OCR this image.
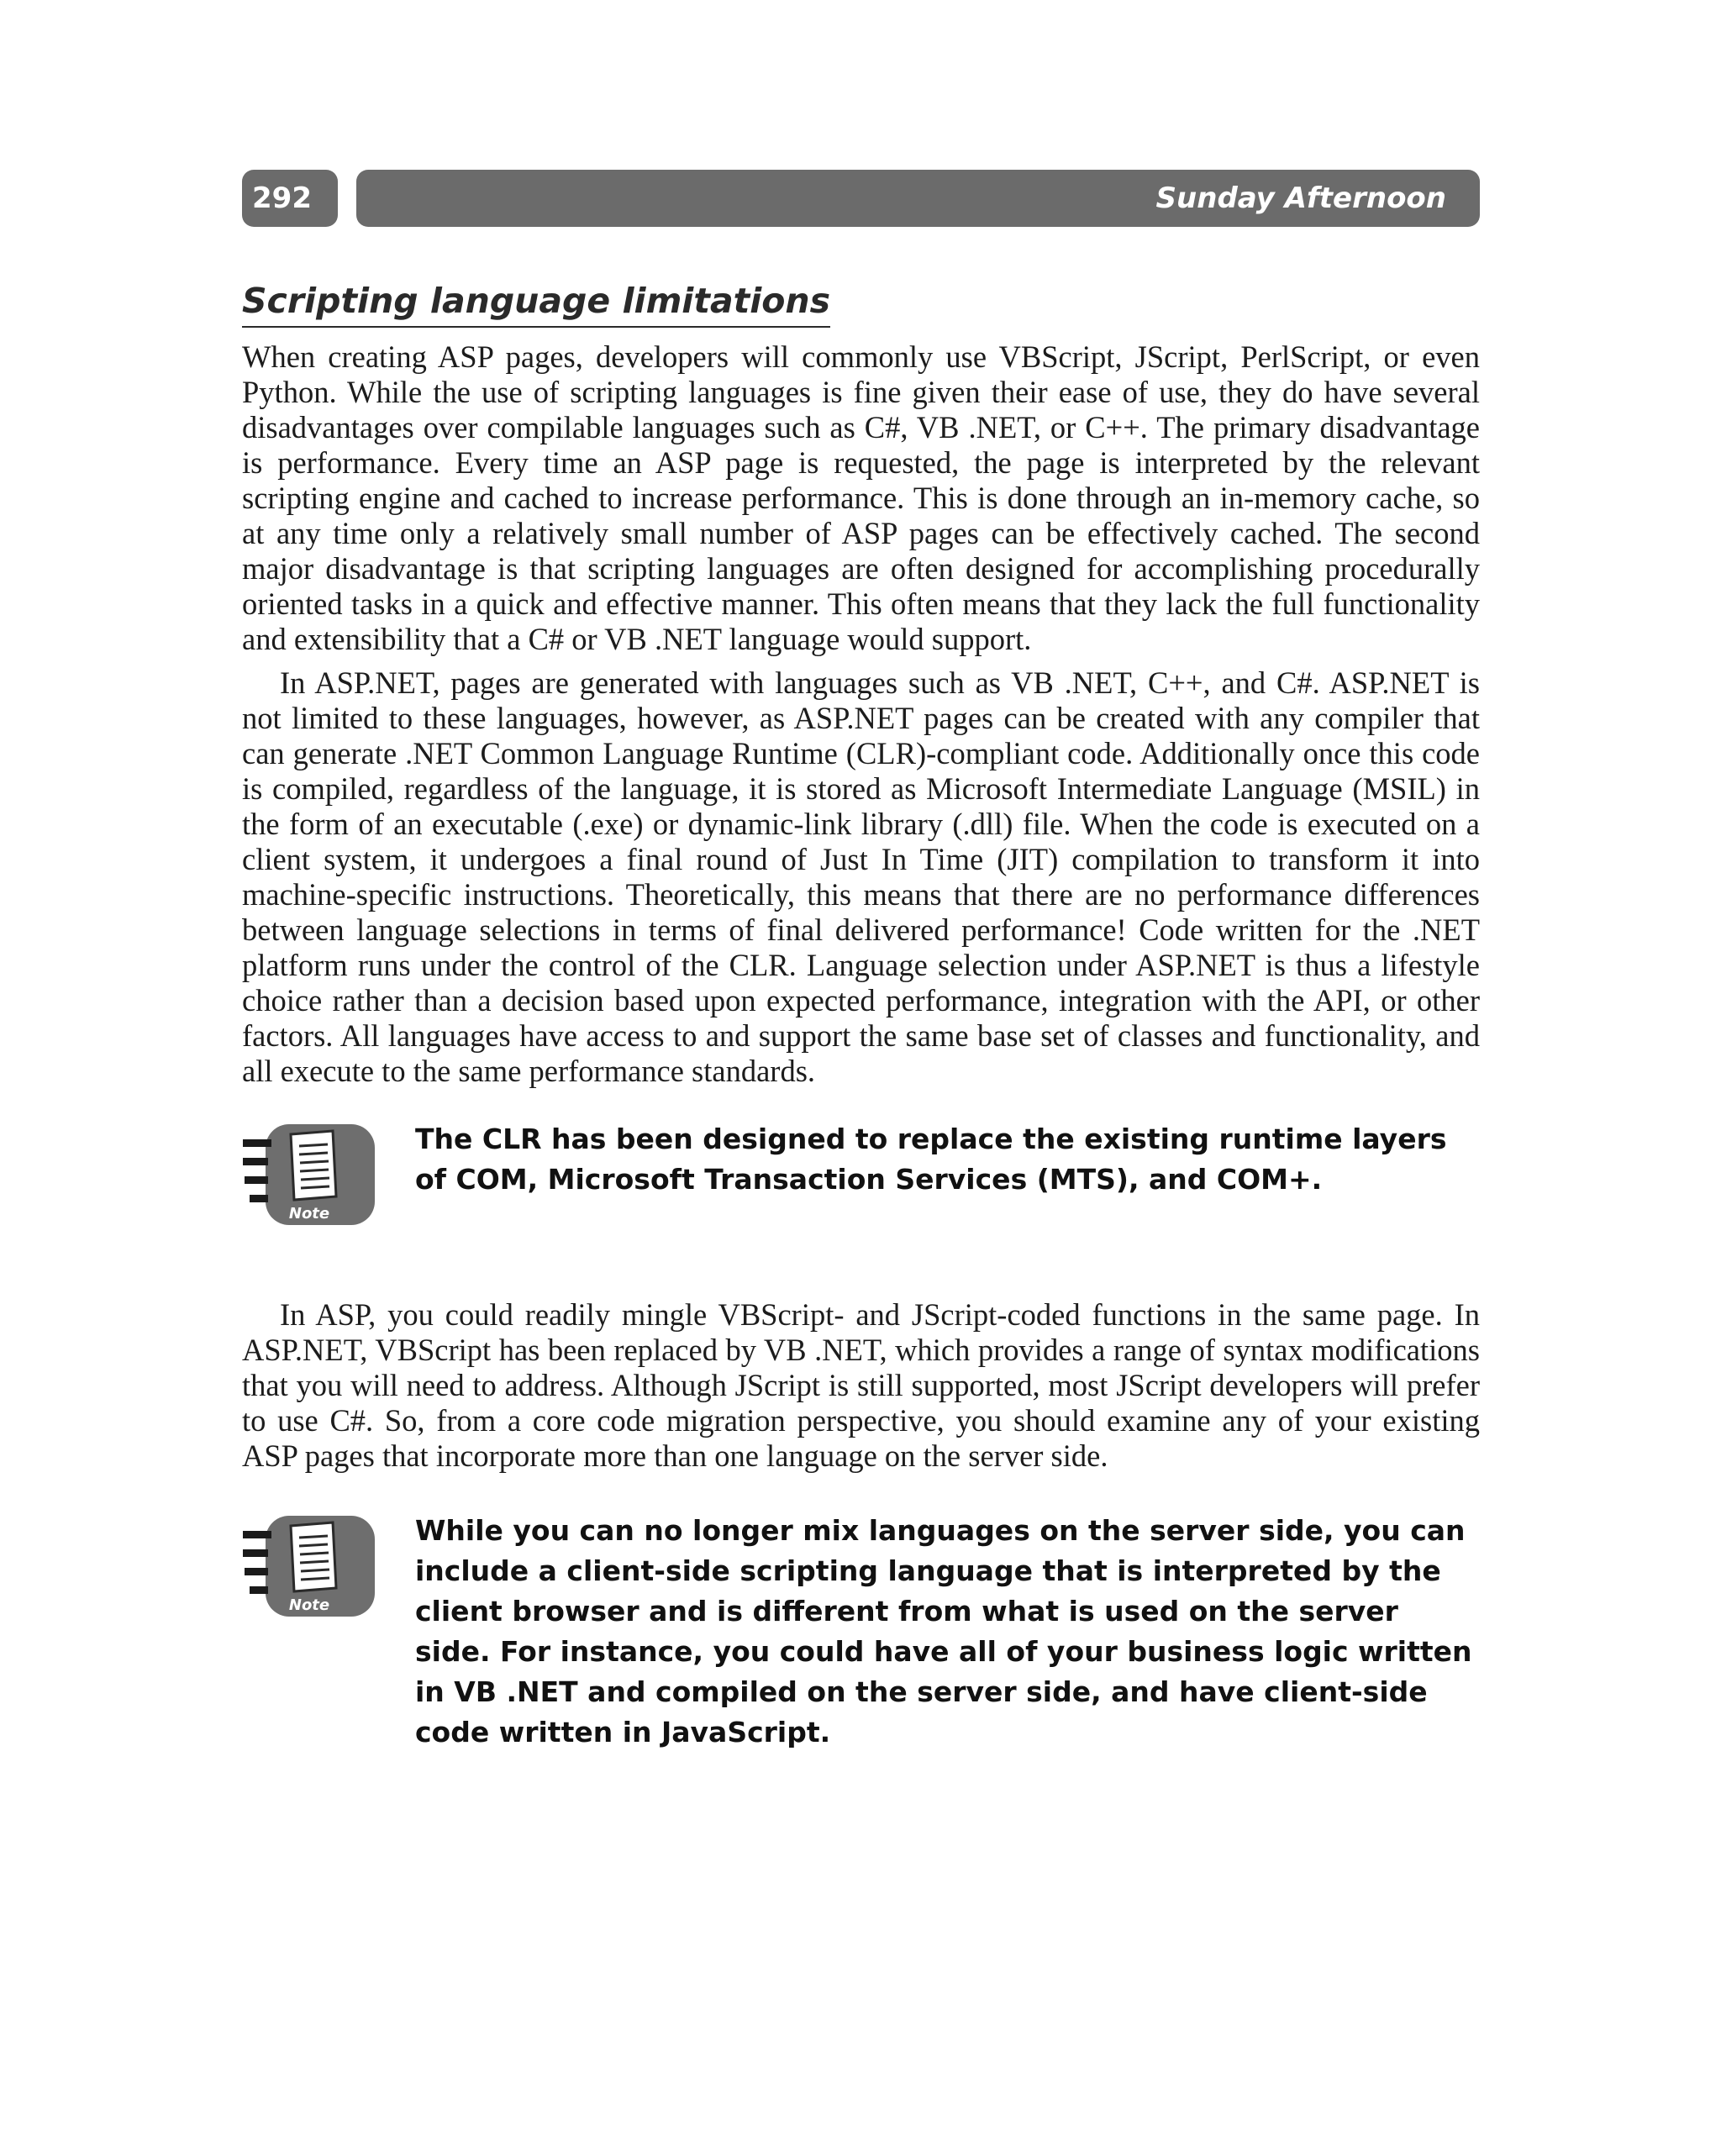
292	Sunday Afternoon
Scripting language limitations

When creating ASP pages, developers will commonly use VBScript, JScript, PerlScript, or even Python. While the use of scripting languages is fine given their ease of use, they do have several disadvantages over compilable languages such as C#, VB .NET, or C++. The primary disadvantage is performance. Every time an ASP page is requested, the page is interpreted by the relevant scripting engine and cached to increase performance. This is done through an in-memory cache, so at any time only a relatively small number of ASP pages can be effectively cached. The second major disadvantage is that scripting languages are often designed for accomplishing procedurally oriented tasks in a quick and effective manner. This often means that they lack the full functionality and extensibility that a C# or VB .NET language would support.

In ASP.NET, pages are generated with languages such as VB .NET, C++, and C#. ASP.NET is not limited to these languages, however, as ASP.NET pages can be created with any compiler that can generate .NET Common Language Runtime (CLR)-compliant code. Additionally once this code is compiled, regardless of the language, it is stored as Microsoft Intermediate Language (MSIL) in the form of an executable (.exe) or dynamic-link library (.dll) file. When the code is executed on a client system, it undergoes a final round of Just In Time (JIT) compilation to transform it into machine-specific instructions. Theoretically, this means that there are no performance differences between language selections in terms of final delivered performance! Code written for the .NET platform runs under the control of the CLR. Language selection under ASP.NET is thus a lifestyle choice rather than a decision based upon expected performance, integration with the API, or other factors. All languages have access to and support the same base set of classes and functionality, and all execute to the same performance standards.

Note

The CLR has been designed to replace the existing runtime layers of COM, Microsoft Transaction Services (MTS), and COM+.

In ASP, you could readily mingle VBScript- and JScript-coded functions in the same page. In ASP.NET, VBScript has been replaced by VB .NET, which provides a range of syntax modifications that you will need to address. Although JScript is still supported, most JScript developers will prefer to use C#. So, from a core code migration perspective, you should examine any of your existing ASP pages that incorporate more than one language on the server side.

Note

While you can no longer mix languages on the server side, you can include a client-side scripting language that is interpreted by the client browser and is different from what is used on the server side. For instance, you could have all of your business logic written in VB .NET and compiled on the server side, and have client-side code written in JavaScript.
